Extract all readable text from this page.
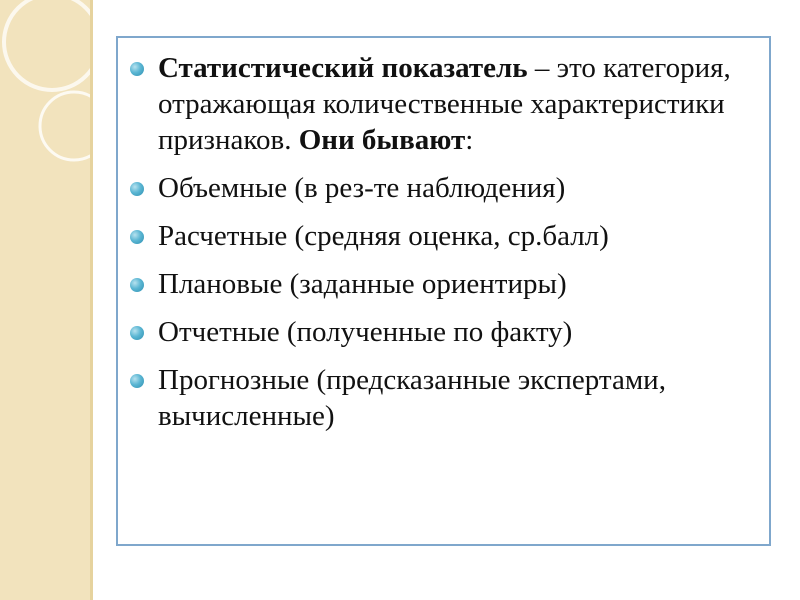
Статистический показатель – это категория, отражающая количественные характеристики признаков. Они бывают:
Объемные (в рез-те наблюдения)
Расчетные (средняя оценка, ср.балл)
Плановые (заданные ориентиры)
Отчетные (полученные по факту)
Прогнозные (предсказанные экспертами, вычисленные)
